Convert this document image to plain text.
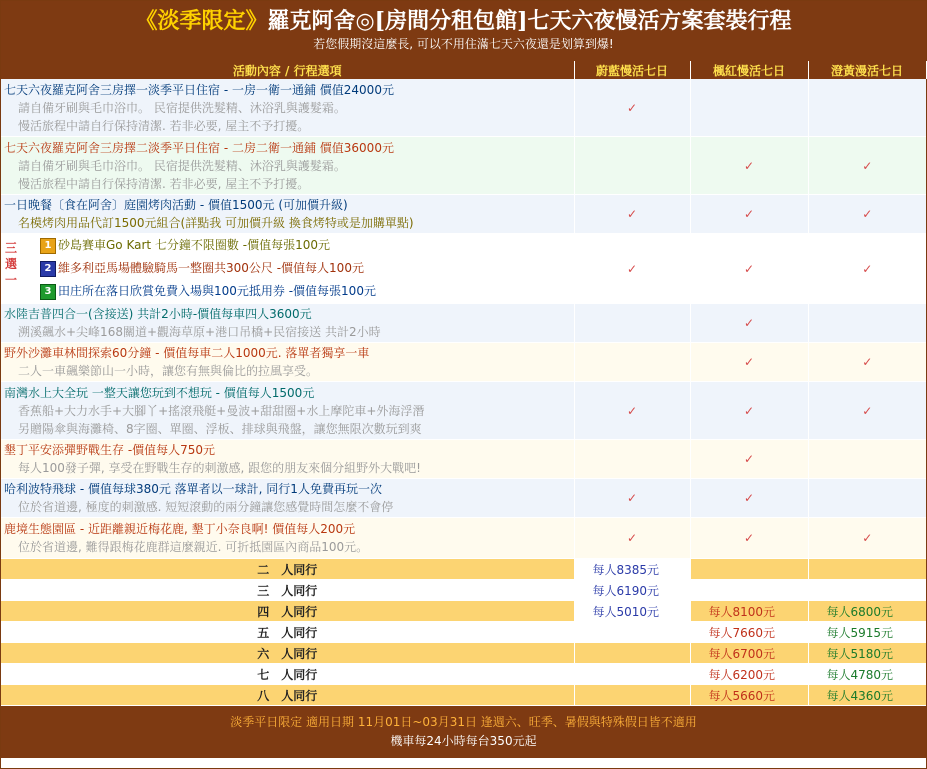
《淡季限定》羅克阿舍◎[房間分租包館]七天六夜慢活方案套裝行程
若您假期沒這麼長, 可以不用住滿七天六夜還是划算到爆!
活動內容 / 行程選項	蔚藍慢活七日	楓紅慢活七日	澄黃漫活七日

七天六夜羅克阿舍三房擇一淡季平日住宿 - 一房一衛一通鋪 價值24000元
請自備牙刷與毛巾浴巾。 民宿提供洗髮精、沐浴乳與護髮霜。
慢活旅程中請自行保持清潔. 若非必要, 屋主不予打擾。	✓		

七天六夜羅克阿舍三房擇二淡季平日住宿 - 二房二衛一通鋪 價值36000元
請自備牙刷與毛巾浴巾。 民宿提供洗髮精、沐浴乳與護髮霜。
慢活旅程中請自行保持清潔. 若非必要, 屋主不予打擾。		✓	✓

一日晚餐〔食在阿舍〕庭園烤肉活動 - 價值1500元 (可加價升級)
名模烤肉用品代訂1500元組合(詳點我 可加價升級 換食烤特或是加購單點)	✓	✓	✓

三選一
1 砂島賽車Go Kart 七分鐘不限圈數 -價值每張100元
2 維多利亞馬場體驗騎馬一整圈共300公尺 -價值每人100元
3 田庄所在落日欣賞免費入場與100元抵用券 -價值每張100元	✓	✓	✓

水陸吉普四合一(含接送) 共計2小時-價值每車四人3600元
溯溪飆水+尖峰168關道+觀海草原+港口吊橋+民宿接送 共計2小時		✓	

野外沙灘車林間探索60分鐘 - 價值每車二人1000元. 落單者獨享一車
二人一車飆樂節山一小時，讓您有無與倫比的拉風享受。		✓	✓

南灣水上大全玩 一整天讓您玩到不想玩 - 價值每人1500元
香蕉船+大力水手+大腳丫+搖滾飛艇+曼波+甜甜圈+水上摩陀車+外海浮潛
另贈陽傘與海灘椅、8字圈、單圈、浮板、排球與飛盤，讓您無限次數玩到爽	✓	✓	✓

墾丁平安添彈野戰生存 -價值每人750元
每人100發子彈, 享受在野戰生存的刺激感, 跟您的朋友來個分組野外大戰吧!		✓	

哈利波特飛球 - 價值每球380元 落單者以一球計, 同行1人免費再玩一次
位於省道邊, 極度的刺激感. 短短滾動的兩分鐘讓您感覺時間怎麼不會停	✓	✓	

鹿境生態園區 - 近距離親近梅花鹿, 墾丁小奈良啊! 價值每人200元
位於省道邊, 難得跟梅花鹿群這麼親近. 可折抵園區內商品100元。	✓	✓	✓
二　人同行	每人8385元		
三　人同行	每人6190元		
四　人同行	每人5010元	每人8100元	每人6800元
五　人同行		每人7660元	每人5915元
六　人同行		每人6700元	每人5180元
七　人同行		每人6200元	每人4780元
八　人同行		每人5660元	每人4360元
淡季平日限定 適用日期 11月01日~03月31日 逢週六、旺季、暑假與特殊假日皆不適用
機車每24小時每台350元起
